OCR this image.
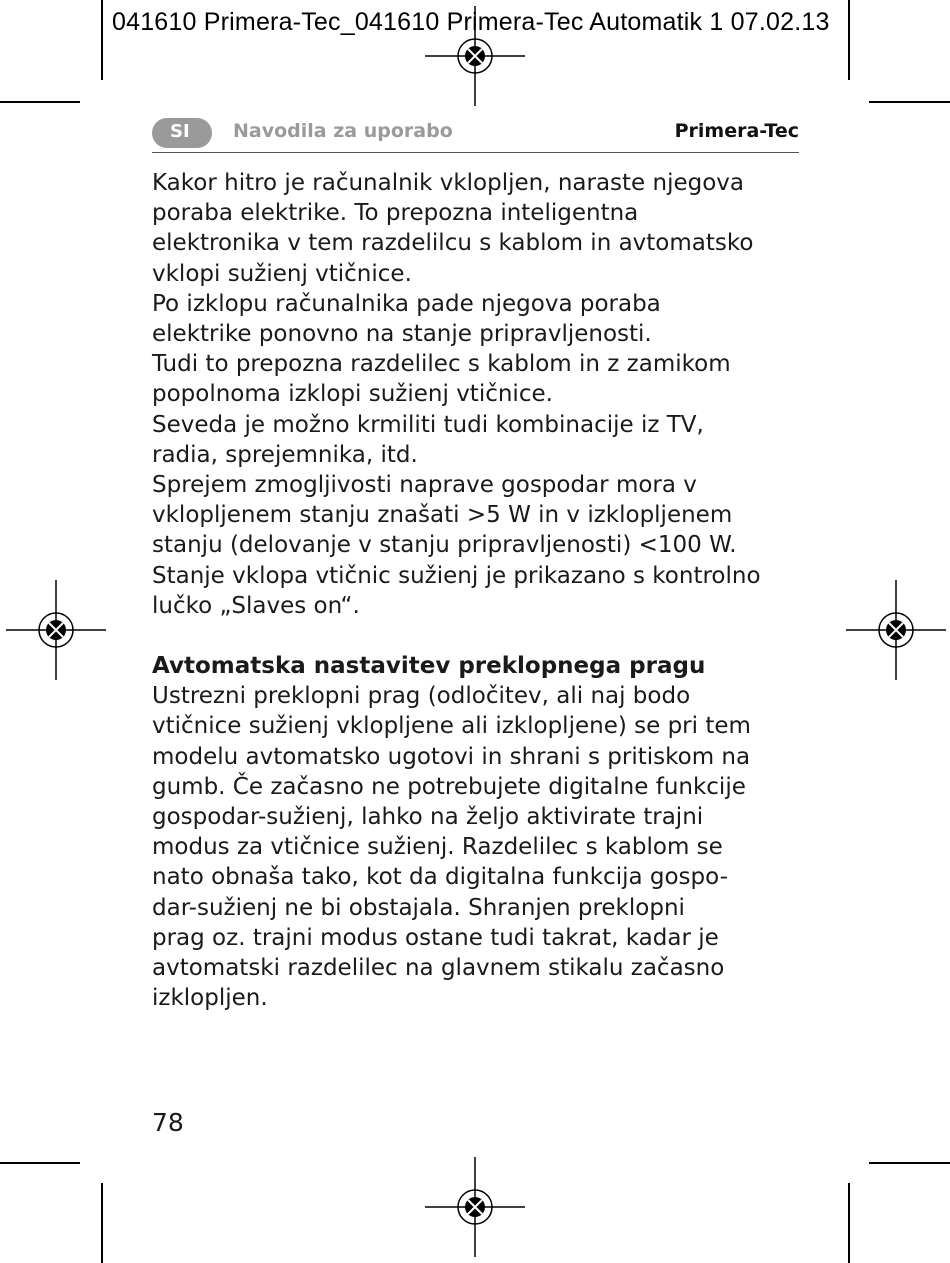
041610 Primera-Tec_041610 Primera-Tec Automatik 1 07.02.13
SI Navodila za uporabo	Primera-Tec

Kakor hitro je računalnik vklopljen, naraste njegova
poraba elektrike. To prepozna inteligentna
elektronika v tem razdelilcu s kablom in avtomatsko
vklopi sužienj vtičnice.

Po izklopu računalnika pade njegova poraba
elektrike ponovno na stanje pripravljenosti.

Tudi to prepozna razdelilec s kablom in z zamikom
popolnoma izklopi sužienj vtičnice.

Seveda je možno krmiliti tudi kombinacije iz TV,
radia, sprejemnika, itd.

Sprejem zmogljivosti naprave gospodar mora v
vklopljenem stanju znašati >5 W in v izklopljenem
stanju (delovanje v stanju pripravljenosti) <100 W.

Stanje vklopa vtičnic sužienj je prikazano s kontrolno
lučko „Slaves on“.

Avtomatska nastavitev preklopnega pragu

Ustrezni preklopni prag (odločitev, ali naj bodo
vtičnice sužienj vklopljene ali izklopljene) se pri tem
modelu avtomatsko ugotovi in shrani s pritiskom na
gumb. Če začasno ne potrebujete digitalne funkcije
gospodar-sužienj, lahko na željo aktivirate trajni
modus za vtičnice sužienj. Razdelilec s kablom se
nato obnaša tako, kot da digitalna funkcija gospo-
dar-sužienj ne bi obstajala. Shranjen preklopni
prag oz. trajni modus ostane tudi takrat, kadar je
avtomatski razdelilec na glavnem stikalu začasno
izklopljen.

78
